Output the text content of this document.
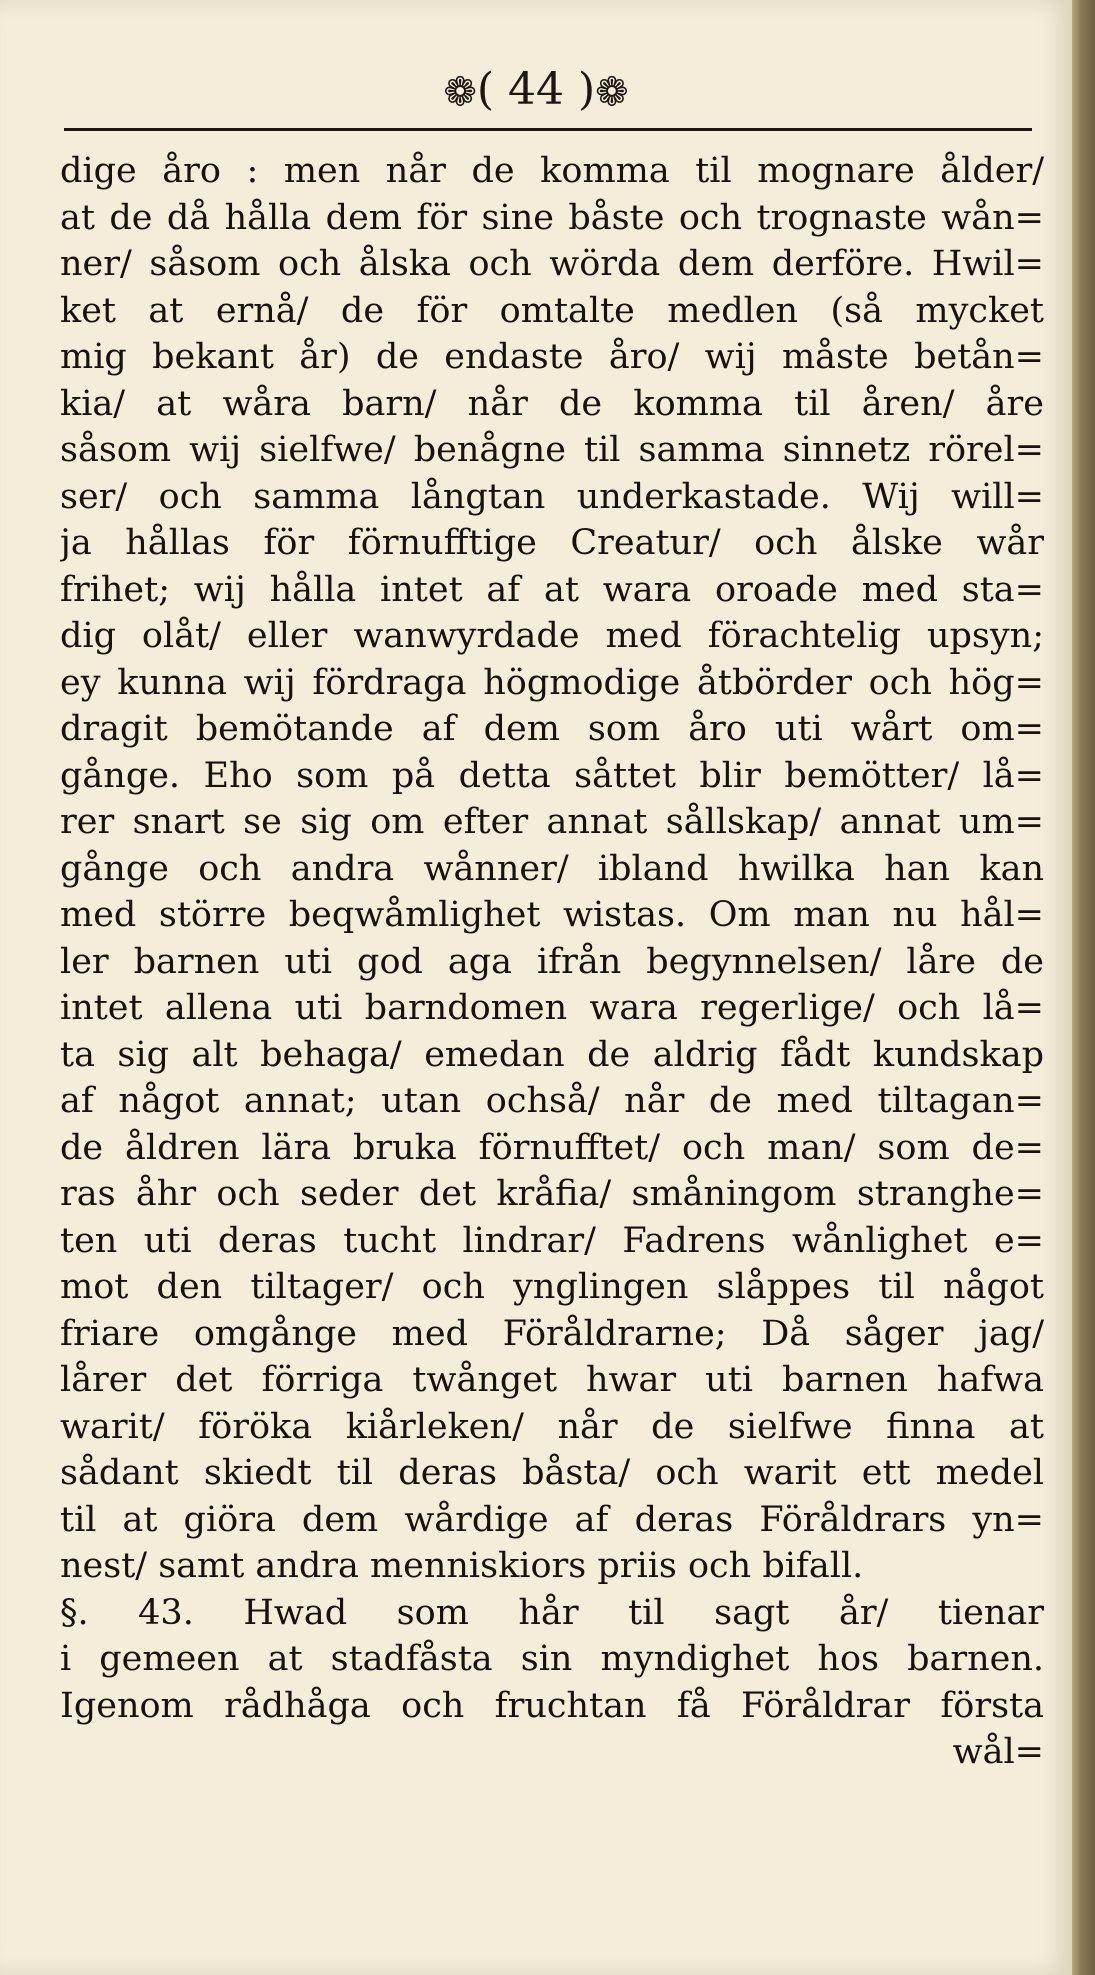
❁( 44 )❁
dige åro : men når de komma til mognare ålder/
at de då hålla dem för sine båste och trognaste wån=
ner/ såsom och ålska och wörda dem derföre. Hwil=
ket at ernå/ de för omtalte medlen (så mycket
mig bekant år) de endaste åro/ wij måste betån=
kia/ at wåra barn/ når de komma til åren/ åre
såsom wij sielfwe/ benågne til samma sinnetz rörel=
ser/ och samma långtan underkastade. Wij will=
ja hållas för förnufftige Creatur/ och ålske wår
frihet; wij hålla intet af at wara oroade med sta=
dig olåt/ eller wanwyrdade med förachtelig upsyn;
ey kunna wij fördraga högmodige åtbörder och hög=
dragit bemötande af dem som åro uti wårt om=
gånge. Eho som på detta såttet blir bemötter/ lå=
rer snart se sig om efter annat sållskap/ annat um=
gånge och andra wånner/ ibland hwilka han kan
med större beqwåmlighet wistas. Om man nu hål=
ler barnen uti god aga ifrån begynnelsen/ låre de
intet allena uti barndomen wara regerlige/ och lå=
ta sig alt behaga/ emedan de aldrig fådt kundskap
af något annat; utan ochså/ når de med tiltagan=
de åldren lära bruka förnufftet/ och man/ som de=
ras åhr och seder det kråfia/ småningom stranghe=
ten uti deras tucht lindrar/ Fadrens wånlighet e=
mot den tiltager/ och ynglingen slåppes til något
friare omgånge med Föråldrarne; Då såger jag/
lårer det förriga twånget hwar uti barnen hafwa
warit/ föröka kiårleken/ når de sielfwe finna at
sådant skiedt til deras båsta/ och warit ett medel
til at giöra dem wårdige af deras Föråldrars yn=
nest/ samt andra menniskiors priis och bifall.
§. 43. Hwad som hår til sagt år/ tienar
i gemeen at stadfåsta sin myndighet hos barnen.
Igenom rådhåga och fruchtan få Föråldrar första
wål=
